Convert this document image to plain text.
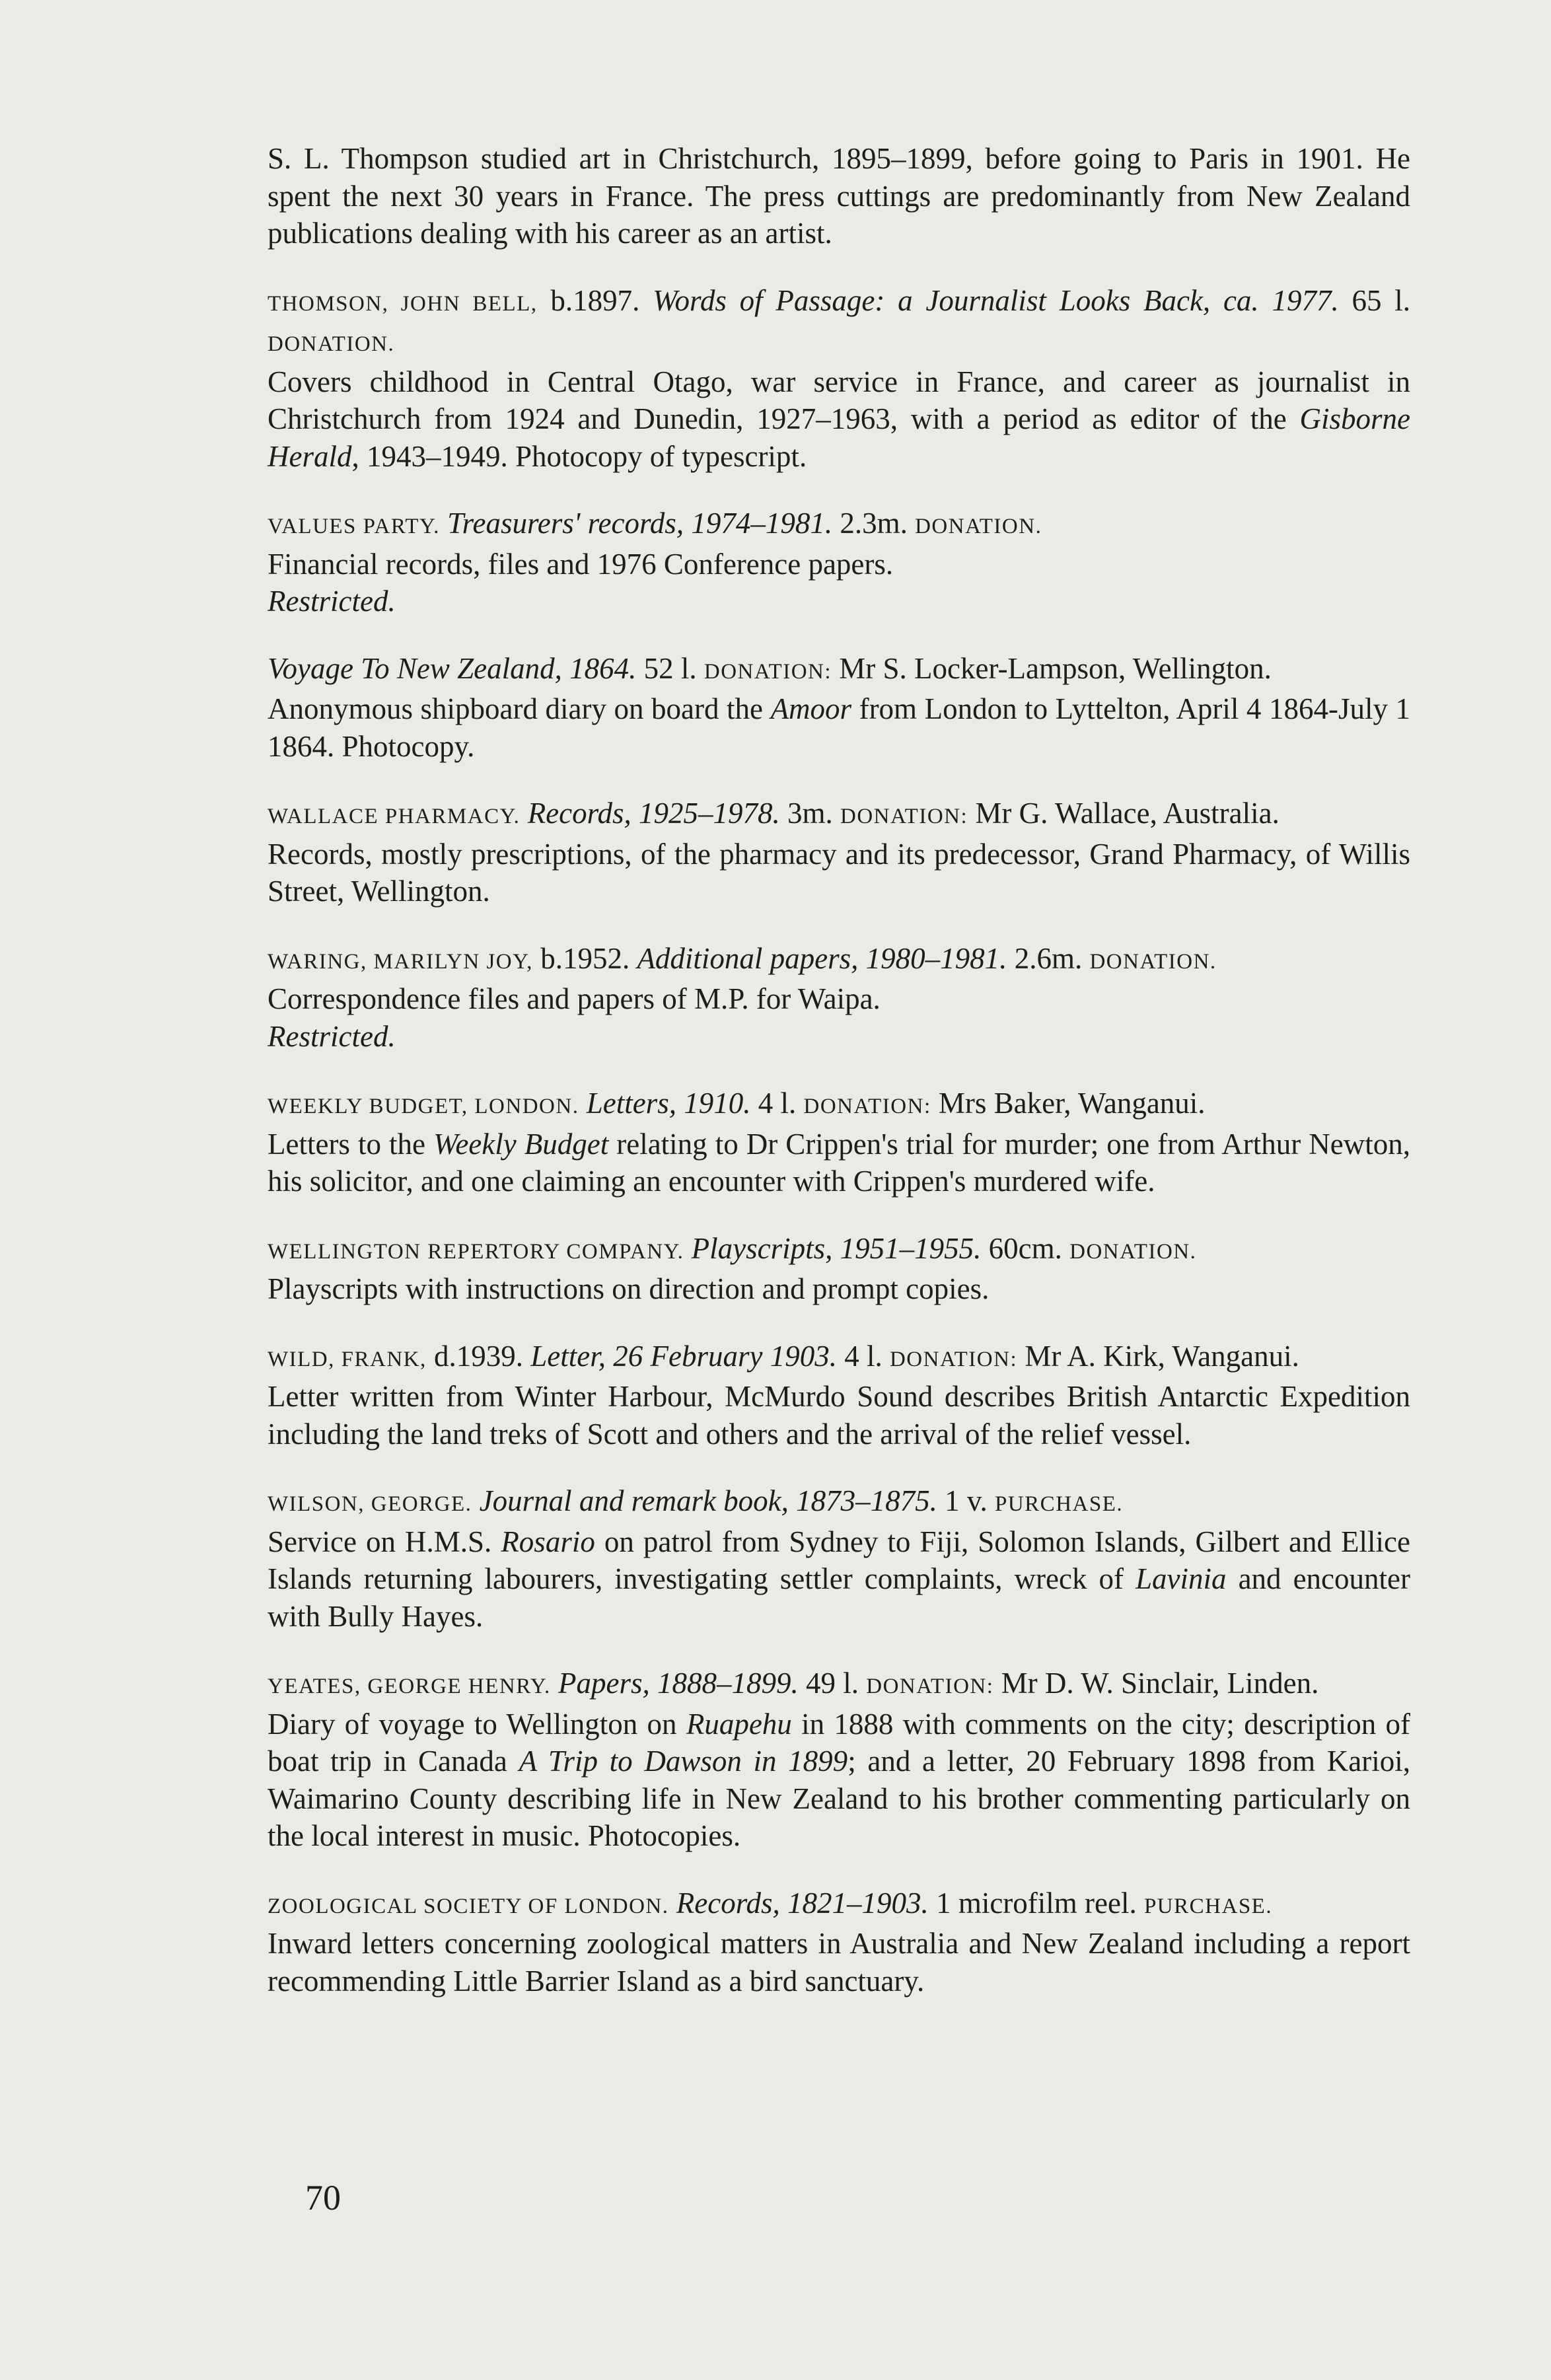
S. L. Thompson studied art in Christchurch, 1895–1899, before going to Paris in 1901. He spent the next 30 years in France. The press cuttings are predominantly from New Zealand publications dealing with his career as an artist.

THOMSON, JOHN BELL, b.1897. Words of Passage: a Journalist Looks Back, ca. 1977. 65 l. DONATION.

Covers childhood in Central Otago, war service in France, and career as journalist in Christchurch from 1924 and Dunedin, 1927–1963, with a period as editor of the Gisborne Herald, 1943–1949. Photocopy of typescript.

VALUES PARTY. Treasurers' records, 1974–1981. 2.3m. DONATION.

Financial records, files and 1976 Conference papers.

Restricted.

Voyage To New Zealand, 1864. 52 l. DONATION: Mr S. Locker-Lampson, Wellington.

Anonymous shipboard diary on board the Amoor from London to Lyttelton, April 4 1864-July 1 1864. Photocopy.

WALLACE PHARMACY. Records, 1925–1978. 3m. DONATION: Mr G. Wallace, Australia.

Records, mostly prescriptions, of the pharmacy and its predecessor, Grand Pharmacy, of Willis Street, Wellington.

WARING, MARILYN JOY, b.1952. Additional papers, 1980–1981. 2.6m. DONATION.

Correspondence files and papers of M.P. for Waipa.

Restricted.

WEEKLY BUDGET, LONDON. Letters, 1910. 4 l. DONATION: Mrs Baker, Wanganui.

Letters to the Weekly Budget relating to Dr Crippen's trial for murder; one from Arthur Newton, his solicitor, and one claiming an encounter with Crippen's murdered wife.

WELLINGTON REPERTORY COMPANY. Playscripts, 1951–1955. 60cm. DONATION.

Playscripts with instructions on direction and prompt copies.

WILD, FRANK, d.1939. Letter, 26 February 1903. 4 l. DONATION: Mr A. Kirk, Wanganui.

Letter written from Winter Harbour, McMurdo Sound describes British Antarctic Expedition including the land treks of Scott and others and the arrival of the relief vessel.

WILSON, GEORGE. Journal and remark book, 1873–1875. 1 v. PURCHASE.

Service on H.M.S. Rosario on patrol from Sydney to Fiji, Solomon Islands, Gilbert and Ellice Islands returning labourers, investigating settler complaints, wreck of Lavinia and encounter with Bully Hayes.

YEATES, GEORGE HENRY. Papers, 1888–1899. 49 l. DONATION: Mr D. W. Sinclair, Linden.

Diary of voyage to Wellington on Ruapehu in 1888 with comments on the city; description of boat trip in Canada A Trip to Dawson in 1899; and a letter, 20 February 1898 from Karioi, Waimarino County describing life in New Zealand to his brother commenting particularly on the local interest in music. Photocopies.

ZOOLOGICAL SOCIETY OF LONDON. Records, 1821–1903. 1 microfilm reel. PURCHASE.

Inward letters concerning zoological matters in Australia and New Zealand including a report recommending Little Barrier Island as a bird sanctuary.

70
